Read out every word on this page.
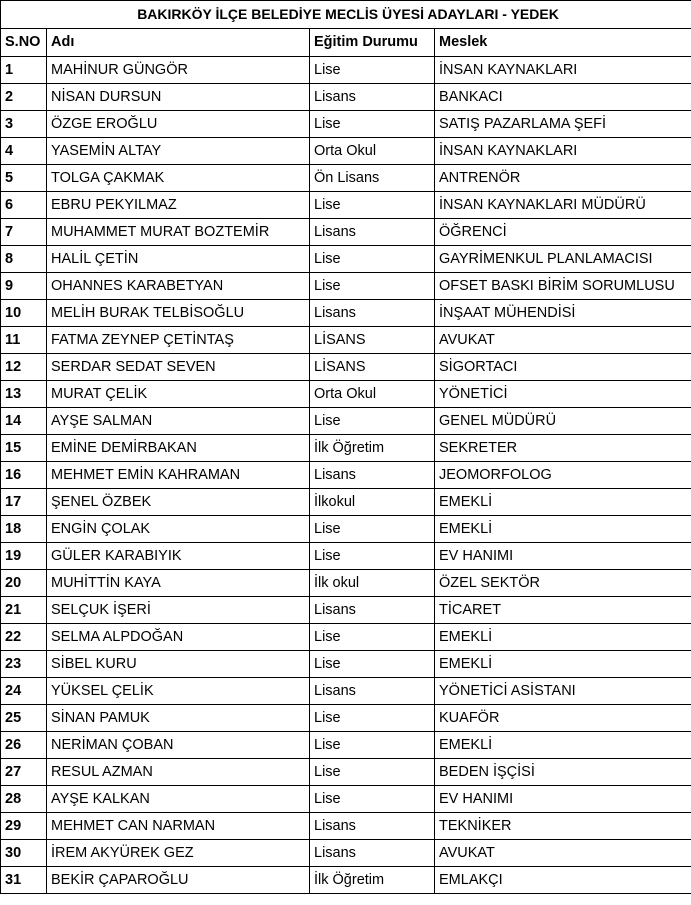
BAKIRKÖY İLÇE BELEDİYE MECLİS ÜYESİ ADAYLARI - YEDEK			
S.NO	Adı	Eğitim Durumu	Meslek
1	MAHİNUR GÜNGÖR	Lise	İNSAN KAYNAKLARI
2	NİSAN DURSUN	Lisans	BANKACI
3	ÖZGE EROĞLU	Lise	SATIŞ PAZARLAMA ŞEFİ
4	YASEMİN ALTAY	Orta Okul	İNSAN KAYNAKLARI
5	TOLGA ÇAKMAK	Ön Lisans	ANTRENÖR
6	EBRU PEKYILMAZ	Lise	İNSAN KAYNAKLARI MÜDÜRÜ
7	MUHAMMET MURAT BOZTEMİR	Lisans	ÖĞRENCİ
8	HALİL ÇETİN	Lise	GAYRİMENKUL PLANLAMACISI
9	OHANNES KARABETYAN	Lise	OFSET BASKI BİRİM SORUMLUSU
10	MELİH BURAK TELBİSOĞLU	Lisans	İNŞAAT MÜHENDİSİ
11	FATMA ZEYNEP ÇETİNTAŞ	LİSANS	AVUKAT
12	SERDAR SEDAT SEVEN	LİSANS	SİGORTACI
13	MURAT ÇELİK	Orta Okul	YÖNETİCİ
14	AYŞE SALMAN	Lise	GENEL MÜDÜRÜ
15	EMİNE DEMİRBAKAN	İlk Öğretim	SEKRETER
16	MEHMET EMİN KAHRAMAN	Lisans	JEOMORFOLOG
17	ŞENEL ÖZBEK	İlkokul	EMEKLİ
18	ENGİN ÇOLAK	Lise	EMEKLİ
19	GÜLER KARABIYIK	Lise	EV HANIMI
20	MUHİTTİN KAYA	İlk okul	ÖZEL SEKTÖR
21	SELÇUK İŞERİ	Lisans	TİCARET
22	SELMA ALPDOĞAN	Lise	EMEKLİ
23	SİBEL KURU	Lise	EMEKLİ
24	YÜKSEL ÇELİK	Lisans	YÖNETİCİ ASİSTANI
25	SİNAN PAMUK	Lise	KUAFÖR
26	NERİMAN ÇOBAN	Lise	EMEKLİ
27	RESUL AZMAN	Lise	BEDEN İŞÇİSİ
28	AYŞE KALKAN	Lise	EV HANIMI
29	MEHMET CAN NARMAN	Lisans	TEKNİKER
30	İREM AKYÜREK GEZ	Lisans	AVUKAT
31	BEKİR ÇAPAROĞLU	İlk Öğretim	EMLAKÇI
